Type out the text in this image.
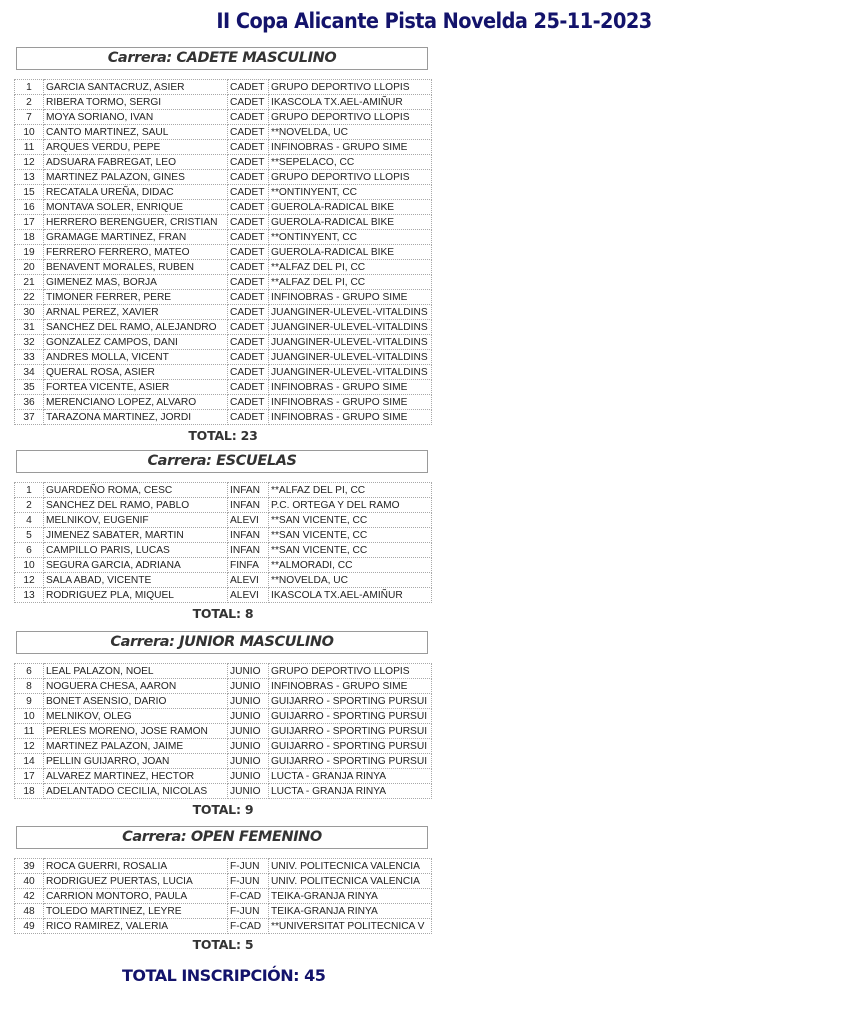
II Copa Alicante Pista Novelda 25-11-2023
Carrera: CADETE MASCULINO
1	GARCIA SANTACRUZ, ASIER	CADET	GRUPO DEPORTIVO LLOPIS
2	RIBERA TORMO, SERGI	CADET	IKASCOLA TX.AEL-AMIÑUR
7	MOYA SORIANO, IVAN	CADET	GRUPO DEPORTIVO LLOPIS
10	CANTO MARTINEZ, SAUL	CADET	**NOVELDA, UC
11	ARQUES VERDU, PEPE	CADET	INFINOBRAS - GRUPO SIME
12	ADSUARA FABREGAT, LEO	CADET	**SEPELACO, CC
13	MARTINEZ PALAZON, GINES	CADET	GRUPO DEPORTIVO LLOPIS
15	RECATALA UREÑA, DIDAC	CADET	**ONTINYENT, CC
16	MONTAVA SOLER, ENRIQUE	CADET	GUEROLA-RADICAL BIKE
17	HERRERO BERENGUER, CRISTIAN	CADET	GUEROLA-RADICAL BIKE
18	GRAMAGE MARTINEZ, FRAN	CADET	**ONTINYENT, CC
19	FERRERO FERRERO, MATEO	CADET	GUEROLA-RADICAL BIKE
20	BENAVENT MORALES, RUBEN	CADET	**ALFAZ DEL PI, CC
21	GIMENEZ MAS, BORJA	CADET	**ALFAZ DEL PI, CC
22	TIMONER FERRER, PERE	CADET	INFINOBRAS - GRUPO SIME
30	ARNAL PEREZ, XAVIER	CADET	JUANGINER-ULEVEL-VITALDINS
31	SANCHEZ DEL RAMO, ALEJANDRO	CADET	JUANGINER-ULEVEL-VITALDINS
32	GONZALEZ CAMPOS, DANI	CADET	JUANGINER-ULEVEL-VITALDINS
33	ANDRES MOLLA, VICENT	CADET	JUANGINER-ULEVEL-VITALDINS
34	QUERAL ROSA, ASIER	CADET	JUANGINER-ULEVEL-VITALDINS
35	FORTEA VICENTE, ASIER	CADET	INFINOBRAS - GRUPO SIME
36	MERENCIANO LOPEZ, ALVARO	CADET	INFINOBRAS - GRUPO SIME
37	TARAZONA MARTINEZ, JORDI	CADET	INFINOBRAS - GRUPO SIME
TOTAL: 23
Carrera: ESCUELAS
1	GUARDEÑO ROMA, CESC	INFAN	**ALFAZ DEL PI, CC
2	SANCHEZ DEL RAMO, PABLO	INFAN	P.C. ORTEGA Y DEL RAMO
4	MELNIKOV, EUGENIF	ALEVI	**SAN VICENTE, CC
5	JIMENEZ SABATER, MARTIN	INFAN	**SAN VICENTE, CC
6	CAMPILLO PARIS, LUCAS	INFAN	**SAN VICENTE, CC
10	SEGURA GARCIA, ADRIANA	FINFA	**ALMORADI, CC
12	SALA ABAD, VICENTE	ALEVI	**NOVELDA, UC
13	RODRIGUEZ PLA, MIQUEL	ALEVI	IKASCOLA TX.AEL-AMIÑUR
TOTAL: 8
Carrera: JUNIOR MASCULINO
6	LEAL PALAZON, NOEL	JUNIO	GRUPO DEPORTIVO LLOPIS
8	NOGUERA CHESA, AARON	JUNIO	INFINOBRAS - GRUPO SIME
9	BONET ASENSIO, DARIO	JUNIO	GUIJARRO - SPORTING PURSUI
10	MELNIKOV, OLEG	JUNIO	GUIJARRO - SPORTING PURSUI
11	PERLES MORENO, JOSE RAMON	JUNIO	GUIJARRO - SPORTING PURSUI
12	MARTINEZ PALAZON, JAIME	JUNIO	GUIJARRO - SPORTING PURSUI
14	PELLIN GUIJARRO, JOAN	JUNIO	GUIJARRO - SPORTING PURSUI
17	ALVAREZ MARTINEZ, HECTOR	JUNIO	LUCTA - GRANJA RINYA
18	ADELANTADO CECILIA, NICOLAS	JUNIO	LUCTA - GRANJA RINYA
TOTAL: 9
Carrera: OPEN FEMENINO
39	ROCA GUERRI, ROSALIA	F-JUN	UNIV. POLITECNICA VALENCIA
40	RODRIGUEZ PUERTAS, LUCIA	F-JUN	UNIV. POLITECNICA VALENCIA
42	CARRION MONTORO, PAULA	F-CAD	TEIKA-GRANJA RINYA
48	TOLEDO MARTINEZ, LEYRE	F-JUN	TEIKA-GRANJA RINYA
49	RICO RAMIREZ, VALERIA	F-CAD	**UNIVERSITAT POLITECNICA V
TOTAL: 5
TOTAL INSCRIPCIÓN: 45
